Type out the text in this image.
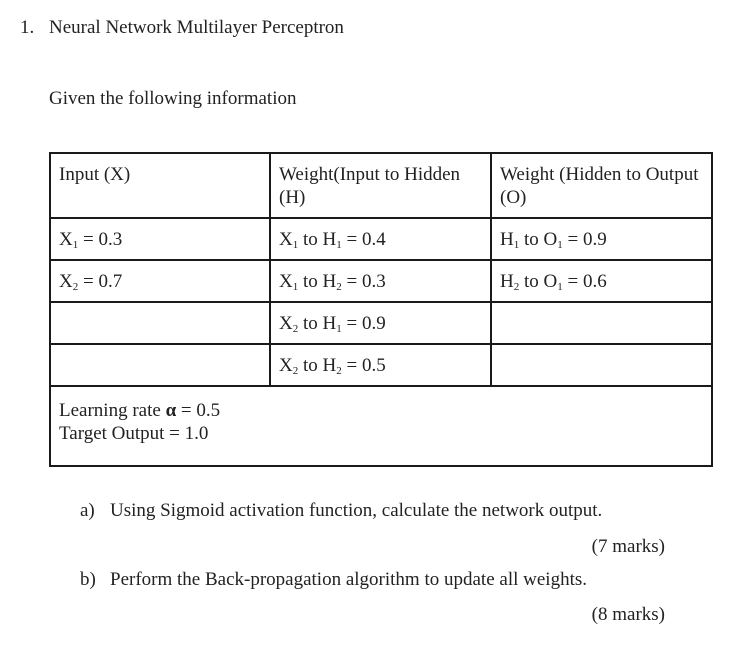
1. Neural Network Multilayer Perceptron
Given the following information
Input (X)	Weight(Input to Hidden (H)	Weight (Hidden to Output (O)
$X_1 = 0.3$	$X_1$ to $H_1 = 0.4$	$H_1$ to $O_1 = 0.9$
$X_2 = 0.7$	$X_1$ to $H_2 = 0.3$	$H_2$ to $O_1 = 0.6$
	$X_2$ to $H_1 = 0.9$	
	$X_2$ to $H_2 = 0.5$	

Learning rate α = 0.5
Target Output = 1.0		
a) Using Sigmoid activation function, calculate the network output.
(7 marks)
b) Perform the Back-propagation algorithm to update all weights.
(8 marks)
